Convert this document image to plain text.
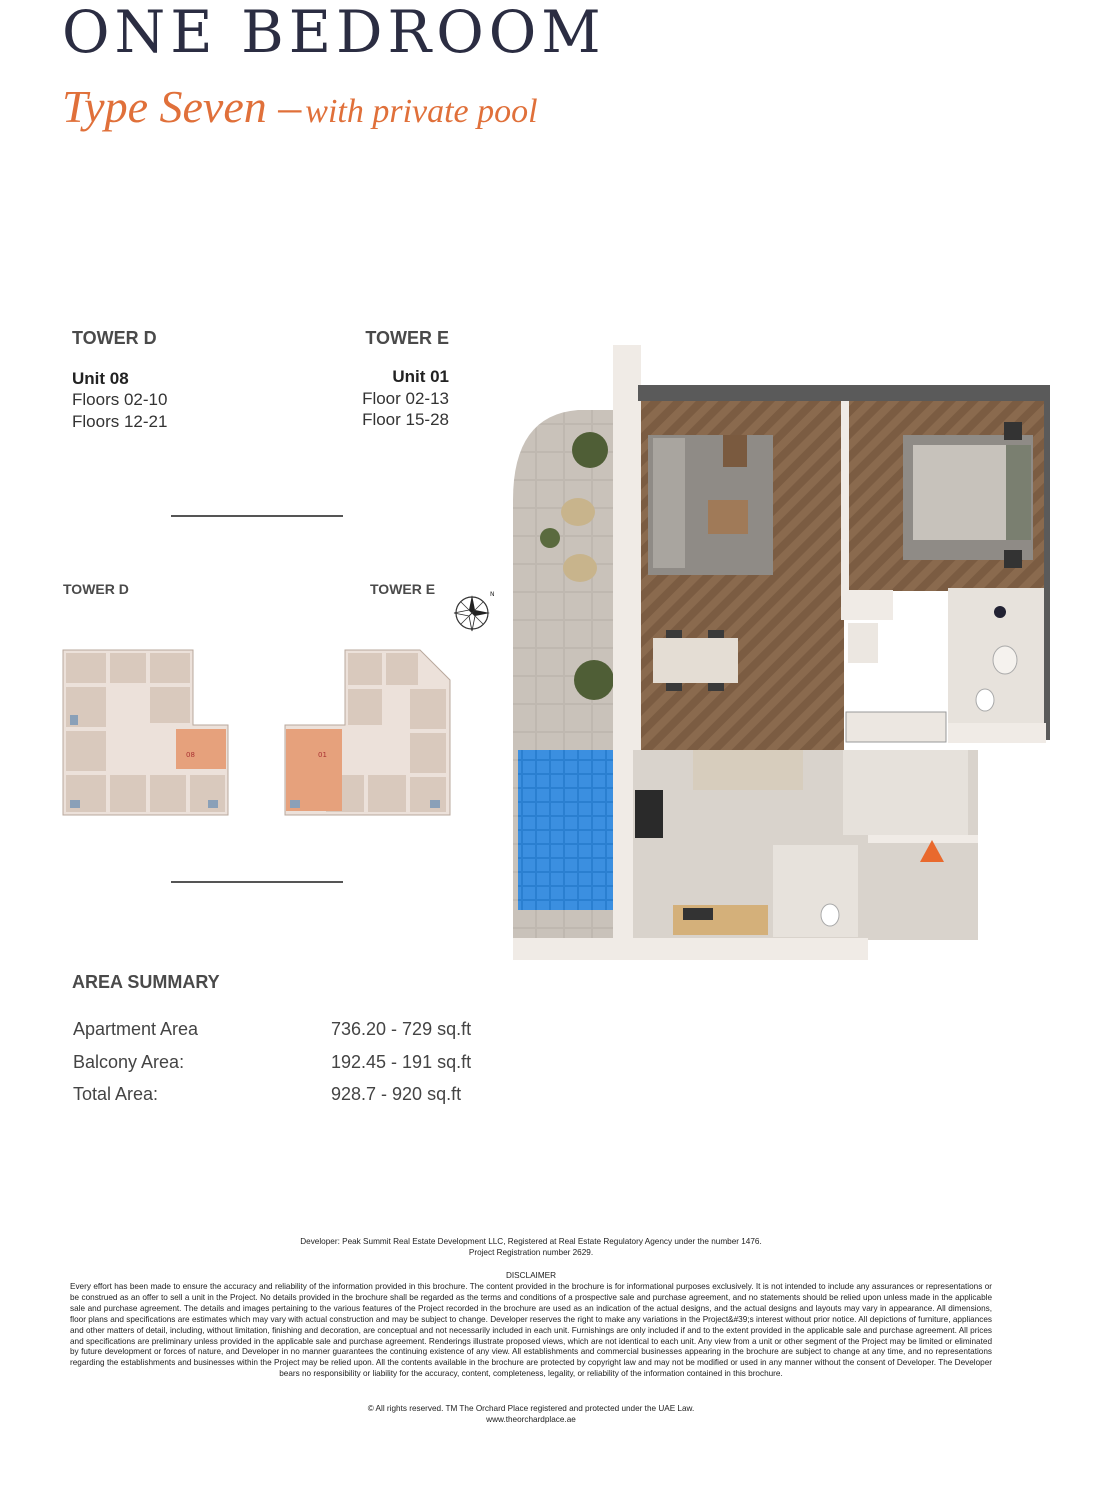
ONE BEDROOM
Type Seven – with private pool
TOWER D
Unit 08
Floors 02-10
Floors 12-21
TOWER E
Unit 01
Floor 02-13
Floor 15-28
TOWER D	TOWER E	N
08	01
AREA SUMMARY
Apartment Area	736.20 - 729 sq.ft
Balcony Area:	192.45 - 191 sq.ft
Total Area:	928.7 - 920 sq.ft
Developer: Peak Summit Real Estate Development LLC, Registered at Real Estate Regulatory Agency under the number 1476.
Project Registration number 2629.
DISCLAIMER
Every effort has been made to ensure the accuracy and reliability of the information provided in this brochure. The content provided in the brochure is for informational purposes exclusively. It is not intended to include any assurances or representations or be construed as an offer to sell a unit in the Project. No details provided in the brochure shall be regarded as the terms and conditions of a prospective sale and purchase agreement, and no statements should be relied upon unless made in the applicable sale and purchase agreement. The details and images pertaining to the various features of the Project recorded in the brochure are used as an indication of the actual designs, and the actual designs and layouts may vary in appearance. All dimensions, floor plans and specifications are estimates which may vary with actual construction and may be subject to change. Developer reserves the right to make any variations in the Project&#39;s interest without prior notice. All depictions of furniture, appliances and other matters of detail, including, without limitation, finishing and decoration, are conceptual and not necessarily included in each unit. Furnishings are only included if and to the extent provided in the applicable sale and purchase agreement. All prices and specifications are preliminary unless provided in the applicable sale and purchase agreement. Renderings illustrate proposed views, which are not identical to each unit. Any view from a unit or other segment of the Project may be limited or eliminated by future development or forces of nature, and Developer in no manner guarantees the continuing existence of any view. All establishments and commercial businesses appearing in the brochure are subject to change at any time, and no representations regarding the establishments and businesses within the Project may be relied upon. All the contents available in the brochure are protected by copyright law and may not be modified or used in any manner without the consent of Developer. The Developer bears no responsibility or liability for the accuracy, content, completeness, legality, or reliability of the information contained in this brochure.
© All rights reserved. TM The Orchard Place registered and protected under the UAE Law.
www.theorchardplace.ae
